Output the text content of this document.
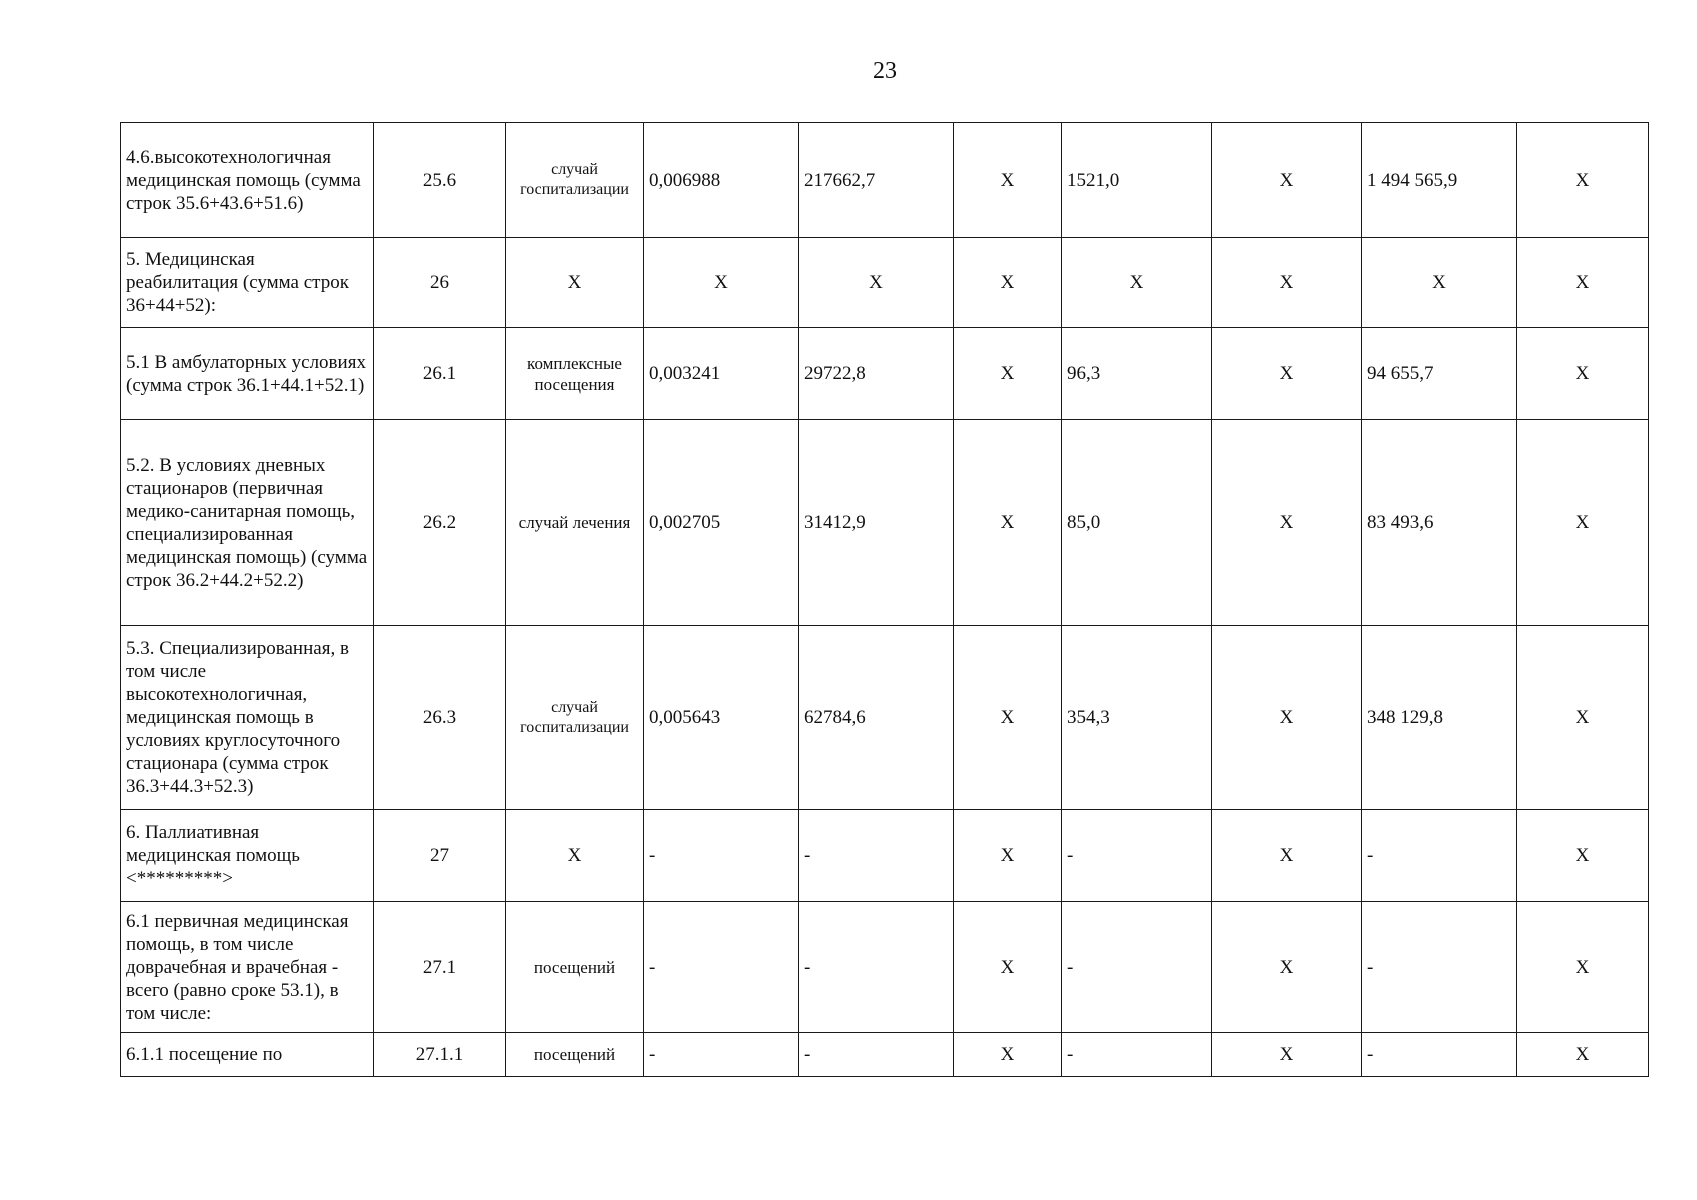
23
4.6.высокотехнологичная медицинская помощь (сумма строк 35.6+43.6+51.6)	25.6	случай госпитализации	0,006988	217662,7	X	1521,0	X	1 494 565,9	X
5. Медицинская реабилитация (сумма строк 36+44+52):	26	X	X	X	X	X	X	X	X
5.1 В амбулаторных условиях (сумма строк 36.1+44.1+52.1)	26.1	комплексные посещения	0,003241	29722,8	X	96,3	X	94 655,7	X
5.2. В условиях дневных стационаров (первичная медико-санитарная помощь, специализированная медицинская помощь) (сумма строк 36.2+44.2+52.2)	26.2	случай лечения	0,002705	31412,9	X	85,0	X	83 493,6	X
5.3. Специализированная, в том числе высокотехнологичная, медицинская помощь в условиях круглосуточного стационара (сумма строк 36.3+44.3+52.3)	26.3	случай госпитализации	0,005643	62784,6	X	354,3	X	348 129,8	X
6. Паллиативная медицинская помощь <*********>	27	X	-	-	X	-	X	-	X
6.1 первичная медицинская помощь, в том числе доврачебная и врачебная - всего (равно сроке 53.1), в том числе:	27.1	посещений	-	-	X	-	X	-	X
6.1.1 посещение по	27.1.1	посещений	-	-	X	-	X	-	X
